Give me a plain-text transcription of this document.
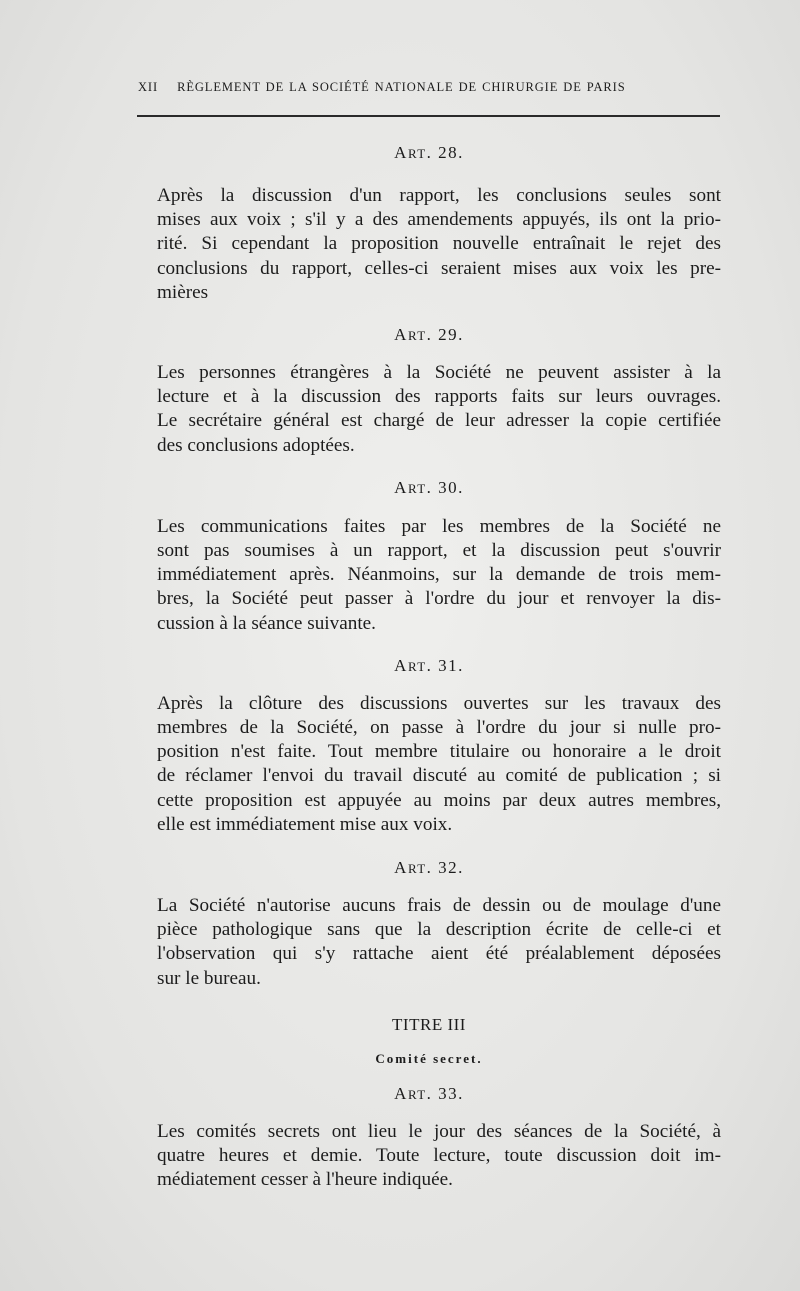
XII RÈGLEMENT DE LA SOCIÉTÉ NATIONALE DE CHIRURGIE DE PARIS
ART. 28.

Après la discussion d'un rapport, les conclusions seules sont
mises aux voix ; s'il y a des amendements appuyés, ils ont la prio-
rité. Si cependant la proposition nouvelle entraînait le rejet des
conclusions du rapport, celles-ci seraient mises aux voix les pre-
mières

ART. 29.

Les personnes étrangères à la Société ne peuvent assister à la
lecture et à la discussion des rapports faits sur leurs ouvrages.
Le secrétaire général est chargé de leur adresser la copie certifiée
des conclusions adoptées.

ART. 30.

Les communications faites par les membres de la Société ne
sont pas soumises à un rapport, et la discussion peut s'ouvrir
immédiatement après. Néanmoins, sur la demande de trois mem-
bres, la Société peut passer à l'ordre du jour et renvoyer la dis-
cussion à la séance suivante.

ART. 31.

Après la clôture des discussions ouvertes sur les travaux des
membres de la Société, on passe à l'ordre du jour si nulle pro-
position n'est faite. Tout membre titulaire ou honoraire a le droit
de réclamer l'envoi du travail discuté au comité de publication ; si
cette proposition est appuyée au moins par deux autres membres,
elle est immédiatement mise aux voix.

ART. 32.

La Société n'autorise aucuns frais de dessin ou de moulage d'une
pièce pathologique sans que la description écrite de celle-ci et
l'observation qui s'y rattache aient été préalablement déposées
sur le bureau.

TITRE III
Comité secret.
ART. 33.

Les comités secrets ont lieu le jour des séances de la Société, à
quatre heures et demie. Toute lecture, toute discussion doit im-
médiatement cesser à l'heure indiquée.
